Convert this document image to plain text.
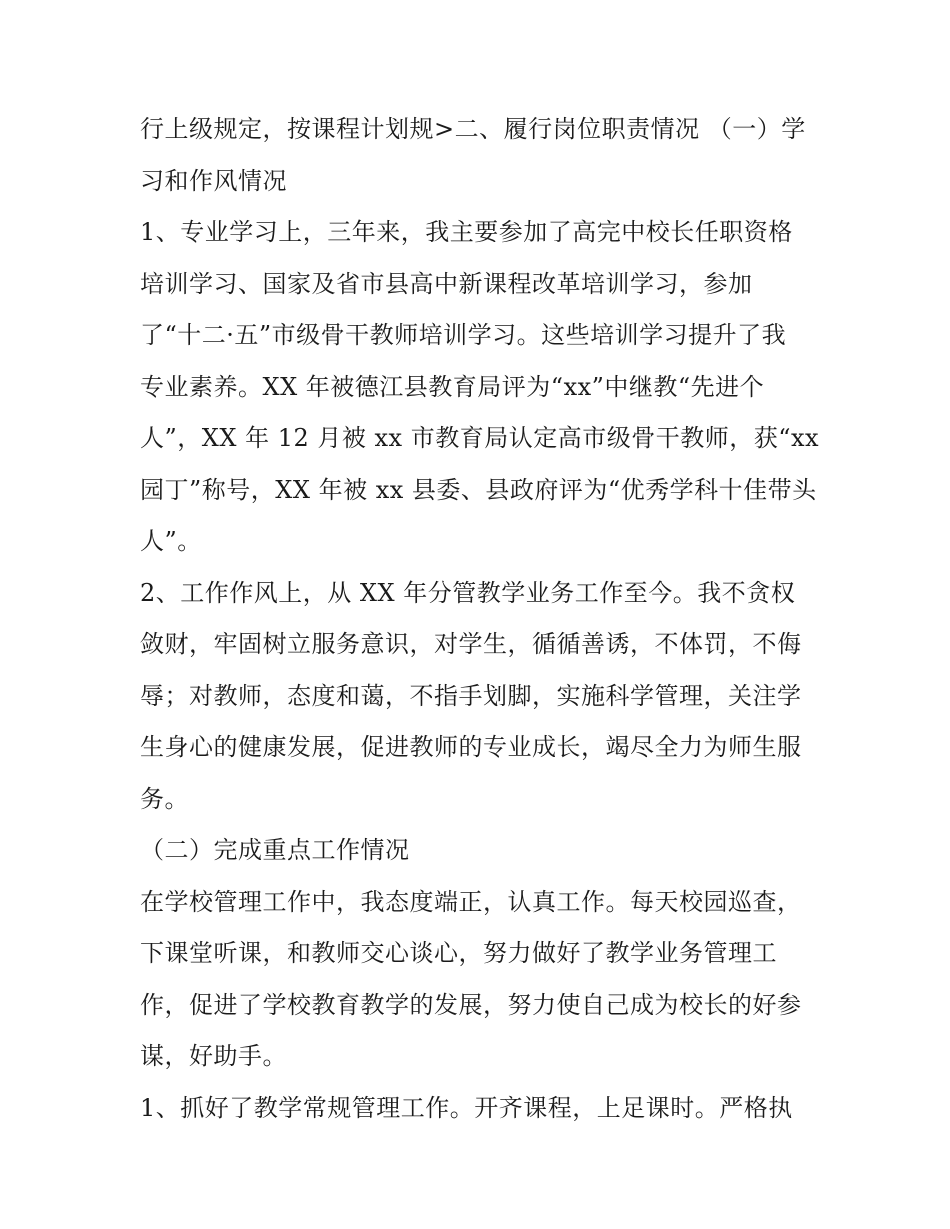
行上级规定，按课程计划规>二、履行岗位职责情况 （一）学
习和作风情况
1、专业学习上，三年来，我主要参加了高完中校长任职资格
培训学习、国家及省市县高中新课程改革培训学习，参加
了“十二·五”市级骨干教师培训学习。这些培训学习提升了我
专业素养。XX 年被德江县教育局评为“xx”中继教“先进个
人”，XX 年 12 月被 xx 市教育局认定高市级骨干教师，获“xx
园丁”称号，XX 年被 xx 县委、县政府评为“优秀学科十佳带头
人”。
2、工作作风上，从 XX 年分管教学业务工作至今。我不贪权
敛财，牢固树立服务意识，对学生，循循善诱，不体罚，不侮
辱；对教师，态度和蔼，不指手划脚，实施科学管理，关注学
生身心的健康发展，促进教师的专业成长，竭尽全力为师生服
务。
（二）完成重点工作情况
在学校管理工作中，我态度端正，认真工作。每天校园巡查，
下课堂听课，和教师交心谈心，努力做好了教学业务管理工
作，促进了学校教育教学的发展，努力使自己成为校长的好参
谋，好助手。
1、抓好了教学常规管理工作。开齐课程，上足课时。严格执
